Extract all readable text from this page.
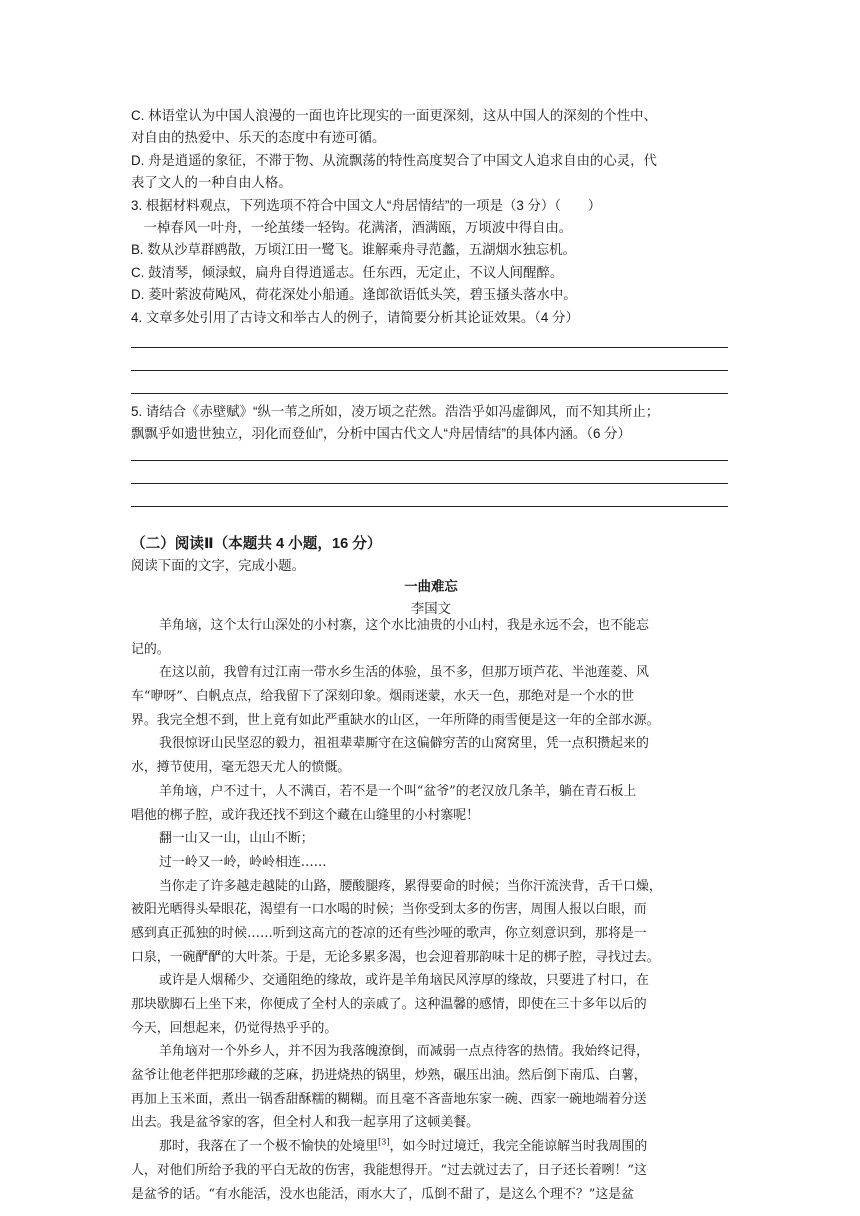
C. 林语堂认为中国人浪漫的一面也许比现实的一面更深刻，这从中国人的深刻的个性中、
对自由的热爱中、乐天的态度中有迹可循。
D. 舟是逍遥的象征，不滞于物、从流飘荡的特性高度契合了中国文人追求自由的心灵，代
表了文人的一种自由人格。
3. 根据材料观点，下列选项不符合中国文人“舟居情结”的一项是（3 分）（　　）
A.一棹春风一叶舟，一纶茧缕一轻钩。花满渚，酒满瓯，万顷波中得自由。
B. 数从沙草群鸥散，万顷江田一鹭飞。谁解乘舟寻范蠡，五湖烟水独忘机。
C. 鼓清琴，倾渌蚁，扁舟自得逍遥志。任东西，无定止，不议人间醒醉。
D. 菱叶萦波荷飐风，荷花深处小船通。逢郎欲语低头笑，碧玉搔头落水中。
4. 文章多处引用了古诗文和举古人的例子，请简要分析其论证效果。（4 分）
5. 请结合《赤壁赋》“纵一苇之所如，凌万顷之茫然。浩浩乎如冯虚御风，而不知其所止；
飘飘乎如遗世独立，羽化而登仙”，分析中国古代文人“舟居情结”的具体内涵。（6 分）
（二）阅读Ⅱ（本题共 4 小题，16 分）
阅读下面的文字，完成小题。
一曲难忘
李国文
羊角垴，这个太行山深处的小村寨，这个水比油贵的小山村，我是永远不会，也不能忘
记的。
在这以前，我曾有过江南一带水乡生活的体验，虽不多，但那万顷芦花、半池莲菱、风
车“咿呀”、白帆点点，给我留下了深刻印象。烟雨迷蒙，水天一色，那绝对是一个水的世
界。我完全想不到，世上竟有如此严重缺水的山区，一年所降的雨雪便是这一年的全部水源。
我很惊讶山民坚忍的毅力，祖祖辈辈厮守在这偏僻穷苦的山窝窝里，凭一点积攒起来的
水，撙节使用，毫无怨天尤人的愤慨。
羊角垴，户不过十，人不满百，若不是一个叫“盆爷”的老汉放几条羊，躺在青石板上
唱他的梆子腔，或许我还找不到这个藏在山缝里的小村寨呢！
翻一山又一山，山山不断；
过一岭又一岭，岭岭相连……
当你走了许多越走越陡的山路，腰酸腿疼，累得要命的时候；当你汗流浃背，舌干口燥，
被阳光晒得头晕眼花，渴望有一口水喝的时候；当你受到太多的伤害，周围人报以白眼，而
感到真正孤独的时候……听到这高亢的苍凉的还有些沙哑的歌声，你立刻意识到，那将是一
口泉，一碗酽酽的大叶茶。于是，无论多累多渴，也会迎着那韵味十足的梆子腔，寻找过去。
或许是人烟稀少、交通阻绝的缘故，或许是羊角垴民风淳厚的缘故，只要进了村口，在
那块歇脚石上坐下来，你便成了全村人的亲戚了。这种温馨的感情，即使在三十多年以后的
今天，回想起来，仍觉得热乎乎的。
羊角垴对一个外乡人，并不因为我落魄潦倒，而减弱一点点待客的热情。我始终记得，
盆爷让他老伴把那珍藏的芝麻，扔进烧热的锅里，炒熟，碾压出油。然后倒下南瓜、白薯，
再加上玉米面，煮出一锅香甜酥糯的糊糊。而且毫不吝啬地东家一碗、西家一碗地端着分送
出去。我是盆爷家的客，但全村人和我一起享用了这顿美餐。
那时，我落在了一个极不愉快的处境里[3]，如今时过境迁，我完全能谅解当时我周围的
人，对他们所给予我的平白无故的伤害，我能想得开。“过去就过去了，日子还长着咧！”这
是盆爷的话。“有水能活，没水也能活，雨水大了，瓜倒不甜了，是这么个理不？”这是盆
